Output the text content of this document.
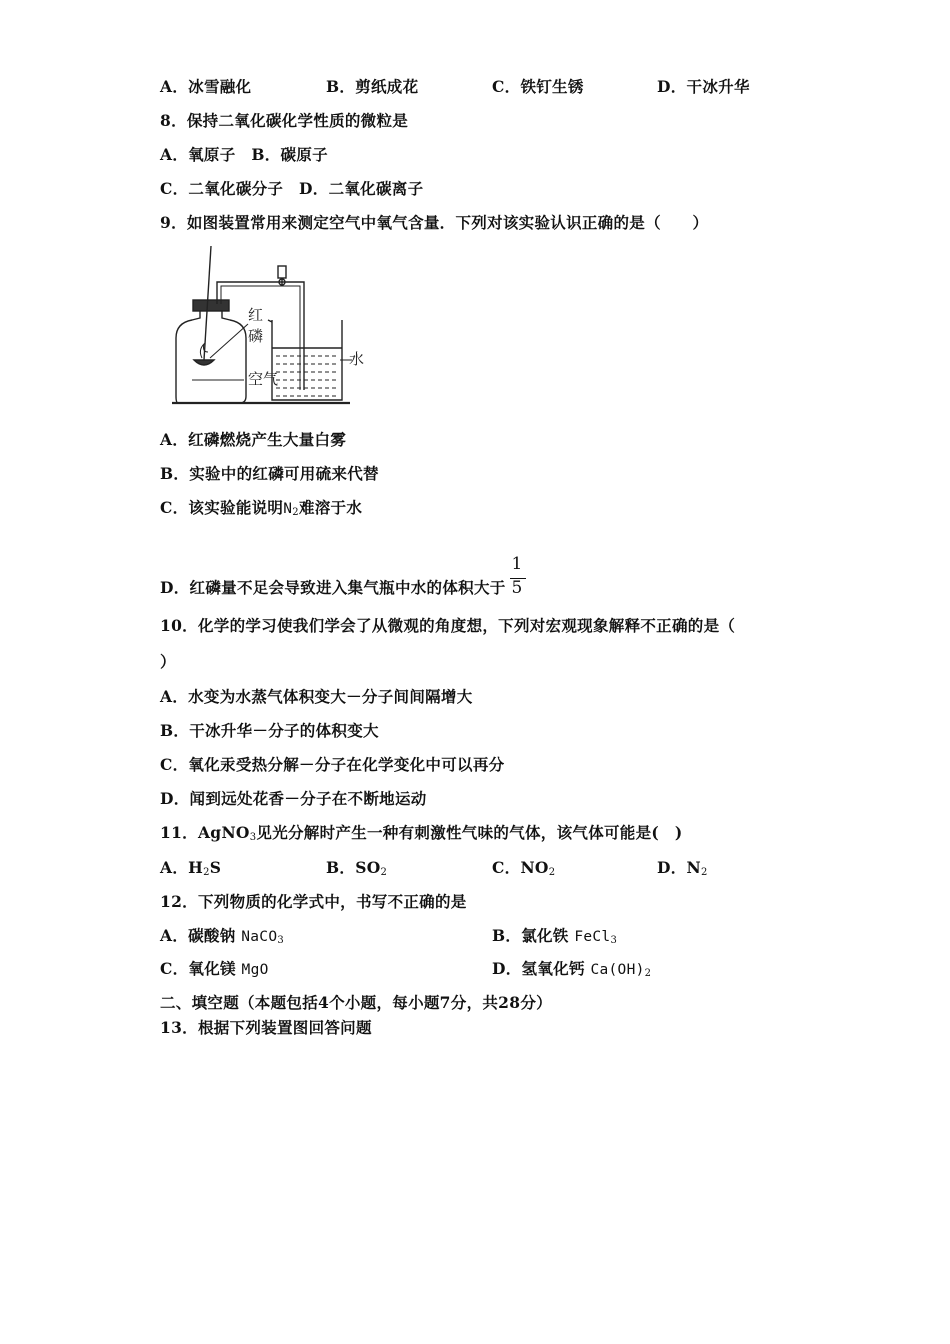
A．冰雪融化	B．剪纸成花	C．铁钉生锈	D．干冰升华
8．保持二氧化碳化学性质的微粒是
A．氧原子　B．碳原子
C．二氧化碳分子　D．二氧化碳离子
9．如图装置常用来测定空气中氧气含量．下列对该实验认识正确的是（　　）
红
磷
空气
水
A．红磷燃烧产生大量白雾
B．实验中的红磷可用硫来代替
C．该实验能说明$N_2$难溶于水
D．红磷量不足会导致进入集气瓶中水的体积大于 $\frac{1}{5}$
10．化学的学习使我们学会了从微观的角度想，下列对宏观现象解释不正确的是（
）
A．水变为水蒸气体积变大－分子间间隔增大
B．干冰升华－分子的体积变大
C．氧化汞受热分解－分子在化学变化中可以再分
D．闻到远处花香－分子在不断地运动
11．AgNO$_3$见光分解时产生一种有刺激性气味的气体，该气体可能是(　)
A．$H_2S$	B．$SO_2$	C．$NO_2$	D．$N_2$
12．下列物质的化学式中，书写不正确的是
A．碳酸钠 NaCO$_3$	B．氯化铁 FeCl$_3$
C．氧化镁 MgO	D．氢氧化钙 $Ca(OH)_2$
二、填空题（本题包括4个小题，每小题7分，共28分）
13．根据下列装置图回答问题
